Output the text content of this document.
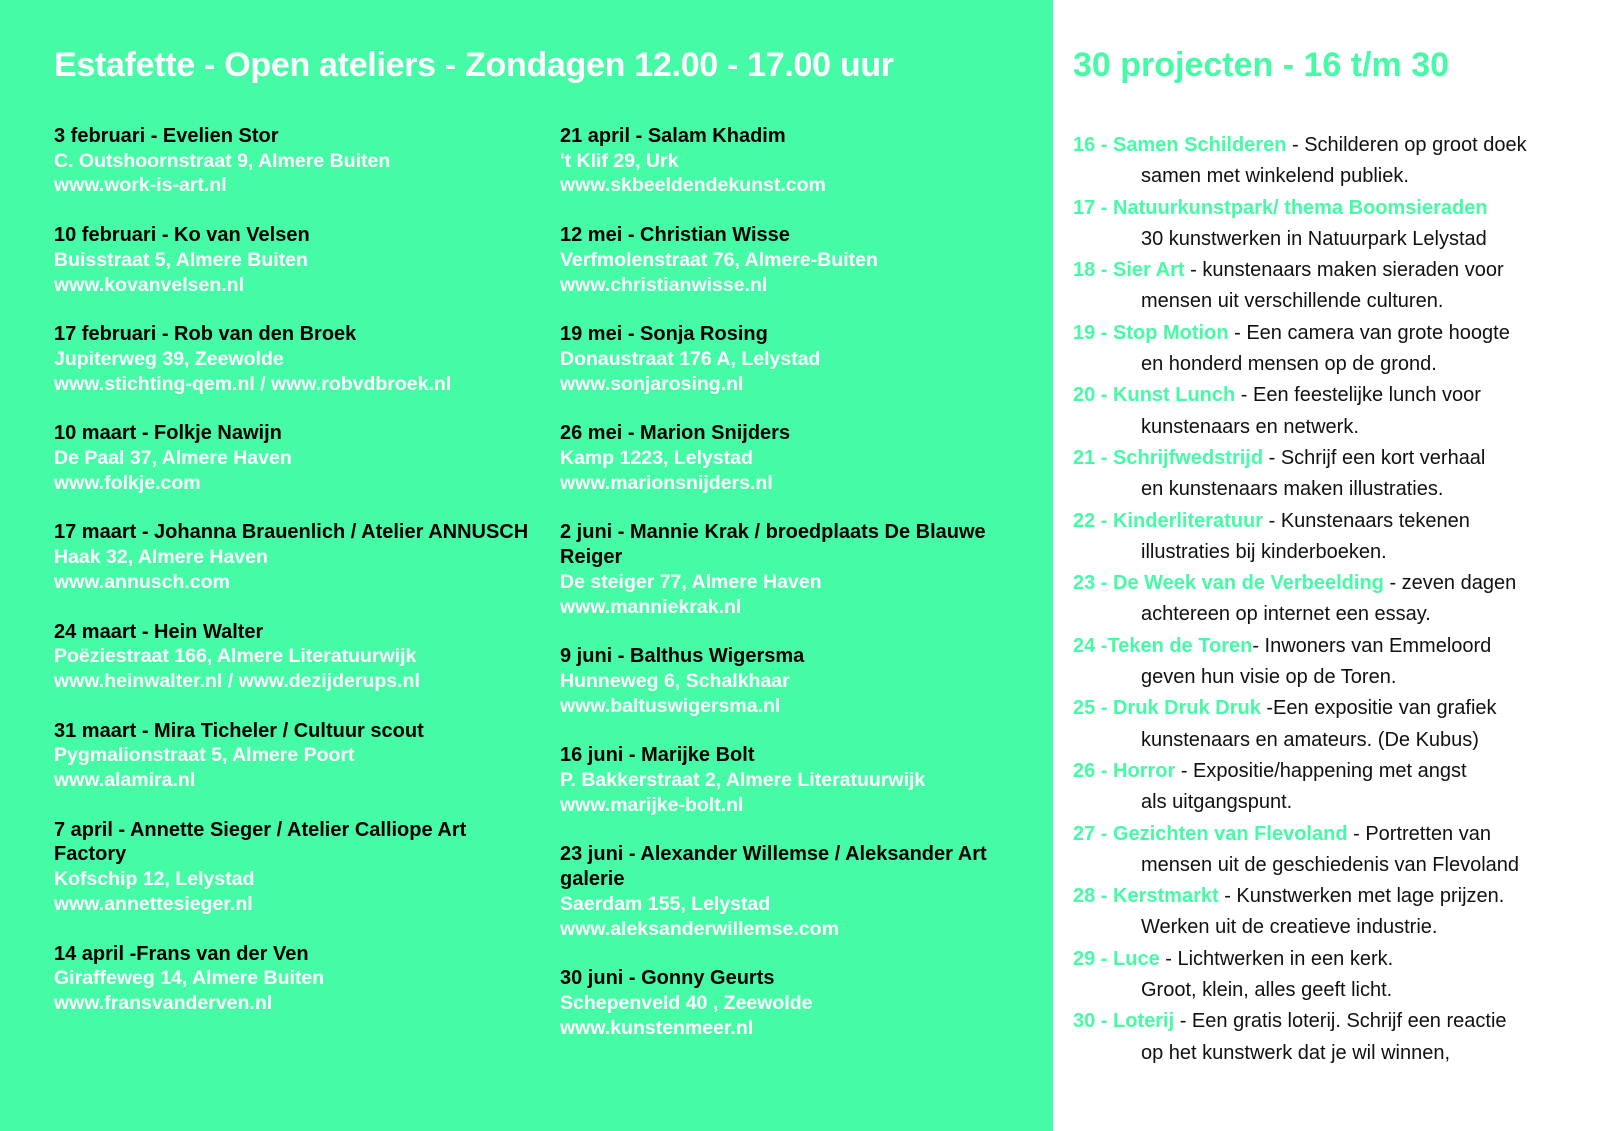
Estafette - Open ateliers - Zondagen 12.00 - 17.00 uur
3 februari - Evelien Stor
C. Outshoornstraat 9, Almere Buiten
www.work-is-art.nl
10 februari - Ko van Velsen
Buisstraat 5, Almere Buiten
www.kovanvelsen.nl
17 februari - Rob van den Broek
Jupiterweg 39, Zeewolde
www.stichting-qem.nl / www.robvdbroek.nl
10 maart - Folkje Nawijn
De Paal 37, Almere Haven
www.folkje.com
17 maart - Johanna Brauenlich / Atelier ANNUSCH
Haak 32, Almere Haven
www.annusch.com
24 maart - Hein Walter
Poëziestraat 166, Almere Literatuurwijk
www.heinwalter.nl / www.dezijderups.nl
31 maart - Mira Ticheler / Cultuur scout
Pygmalionstraat 5, Almere Poort
www.alamira.nl
7 april - Annette Sieger / Atelier Calliope Art Factory
Kofschip 12, Lelystad
www.annettesieger.nl
14 april -Frans van der Ven
Giraffeweg 14, Almere Buiten
www.fransvanderven.nl
21 april - Salam Khadim
't Klif 29, Urk
www.skbeeldendekunst.com
12 mei - Christian Wisse
Verfmolenstraat 76, Almere-Buiten
www.christianwisse.nl
19 mei - Sonja Rosing
Donaustraat 176 A, Lelystad
www.sonjarosing.nl
26 mei - Marion Snijders
Kamp 1223, Lelystad
www.marionsnijders.nl
2 juni - Mannie Krak / broedplaats De Blauwe Reiger
De steiger 77, Almere Haven
www.manniekrak.nl
9 juni - Balthus Wigersma
Hunneweg 6, Schalkhaar
www.baltuswigersma.nl
16 juni - Marijke Bolt
P. Bakkerstraat 2, Almere Literatuurwijk
www.marijke-bolt.nl
23 juni - Alexander Willemse / Aleksander Art galerie
Saerdam 155, Lelystad
www.aleksanderwillemse.com
30 juni - Gonny Geurts
Schepenveld 40 , Zeewolde
www.kunstenmeer.nl
30 projecten - 16 t/m 30
16 - Samen Schilderen - Schilderen op groot doek
samen met winkelend publiek.
17 - Natuurkunstpark/ thema Boomsieraden
30 kunstwerken in Natuurpark Lelystad
18 - Sier Art - kunstenaars maken sieraden voor
mensen uit verschillende culturen.
19 - Stop Motion - Een camera van grote hoogte
en honderd mensen op de grond.
20 - Kunst Lunch - Een feestelijke lunch voor
kunstenaars en netwerk.
21 - Schrijfwedstrijd - Schrijf een kort verhaal
en kunstenaars maken illustraties.
22 - Kinderliteratuur - Kunstenaars tekenen
illustraties bij kinderboeken.
23 - De Week van de Verbeelding - zeven dagen
achtereen op internet een essay.
24 -Teken de Toren- Inwoners van Emmeloord
geven hun visie op de Toren.
25 - Druk Druk Druk -Een expositie van grafiek
kunstenaars en amateurs. (De Kubus)
26 - Horror - Expositie/happening met angst
als uitgangspunt.
27 - Gezichten van Flevoland - Portretten van
mensen uit de geschiedenis van Flevoland
28 - Kerstmarkt - Kunstwerken met lage prijzen.
Werken uit de creatieve industrie.
29 - Luce - Lichtwerken in een kerk.
Groot, klein, alles geeft licht.
30 - Loterij - Een gratis loterij. Schrijf een reactie
op het kunstwerk dat je wil winnen,
